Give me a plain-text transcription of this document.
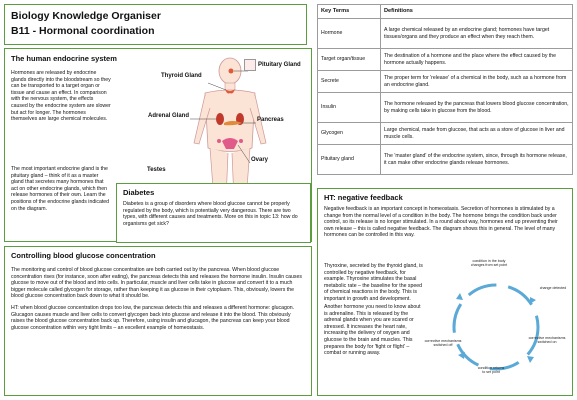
Biology Knowledge Organiser
B11 - Hormonal coordination
The human endocrine system
Hormones are released by endocrine glands directly into the bloodstream so they can be transported to a target organ or tissue and cause an effect. In comparison with the nervous system, the effects caused by the endocrine system are slower but act for longer. The hormones themselves are large chemical molecules.
The most important endocrine gland is the pituitary gland – think of it as a master gland that secretes many hormones that act on other endocrine glands, which then release hormones of their own. Learn the positions of the endocrine glands indicated on the diagram.
Thyroid Gland
Pituitary Gland
Adrenal Gland
Pancreas
Ovary
Testes
Diabetes
Diabetes is a group of disorders where blood glucose cannot be properly regulated by the body, which is potentially very dangerous. There are two types, with different causes and treatments. More on this in topic 13: how do organisms get sick?
Controlling blood glucose concentration
The monitoring and control of blood glucose concentration are both carried out by the pancreas. When blood glucose concentration rises (for instance, soon after eating), the pancreas detects this and releases the hormone insulin. Insulin causes glucose to move out of the blood and into cells. In particular, muscle and liver cells take in glucose and convert it to a much bigger molecule called glycogen for storage, rather than keeping it as glucose in their cytoplasm. This, obviously, lowers the blood glucose concentration back down to what it should be.
HT: when blood glucose concentration drops too low, the pancreas detects this and releases a different hormone: glucagon. Glucagon causes muscle and liver cells to convert glycogen back into glucose and release it into the blood. This obviously raises the blood glucose concentration back up. Therefore, using insulin and glucagon, the pancreas can keep your blood glucose concentration within very tight limits – an excellent example of homeostasis.
Key Terms	Definitions
Hormone	A large chemical released by an endocrine gland; hormones have target tissues/organs and they produce an effect when they reach them.
Target organ/tissue	The destination of a hormone and the place where the effect caused by the hormone actually happens.
Secrete	The proper term for 'release' of a chemical in the body, such as a hormone from an endocrine gland.
Insulin	The hormone released by the pancreas that lowers blood glucose concentration, by making cells take in glucose from the blood.
Glycogen	Large chemical, made from glucose, that acts as a store of glucose in liver and muscle cells.
Pituitary gland	The 'master gland' of the endocrine system, since, through its hormone release, it can make other endocrine glands release hormones.
HT: negative feedback
Negative feedback is an important concept in homeostasis. Secretion of hormones is stimulated by a change from the normal level of a condition in the body. The hormone brings the condition back under control, so its release is no longer stimulated. In a round about way, hormones end up preventing their own release – this is called negative feedback. The diagram shows this in general. The level of many hormones can be controlled in this way.
Thyroxine, secreted by the thyroid gland, is controlled by negative feedback, for example. Thyroxine stimulates the basal metabolic rate – the baseline for the speed of chemical reactions in the body. This is important in growth and development.
Another hormone you need to know about is adrenaline. This is released by the adrenal glands when you are scared or stressed. It increases the heart rate, increasing the delivery of oxygen and glucose to the brain and muscles. This prepares the body for 'fight or flight' – combat or running away.
condition in the body changes from set point
change detected
corrective mechanisms switched on
condition returns to set point
corrective mechanisms switched off
